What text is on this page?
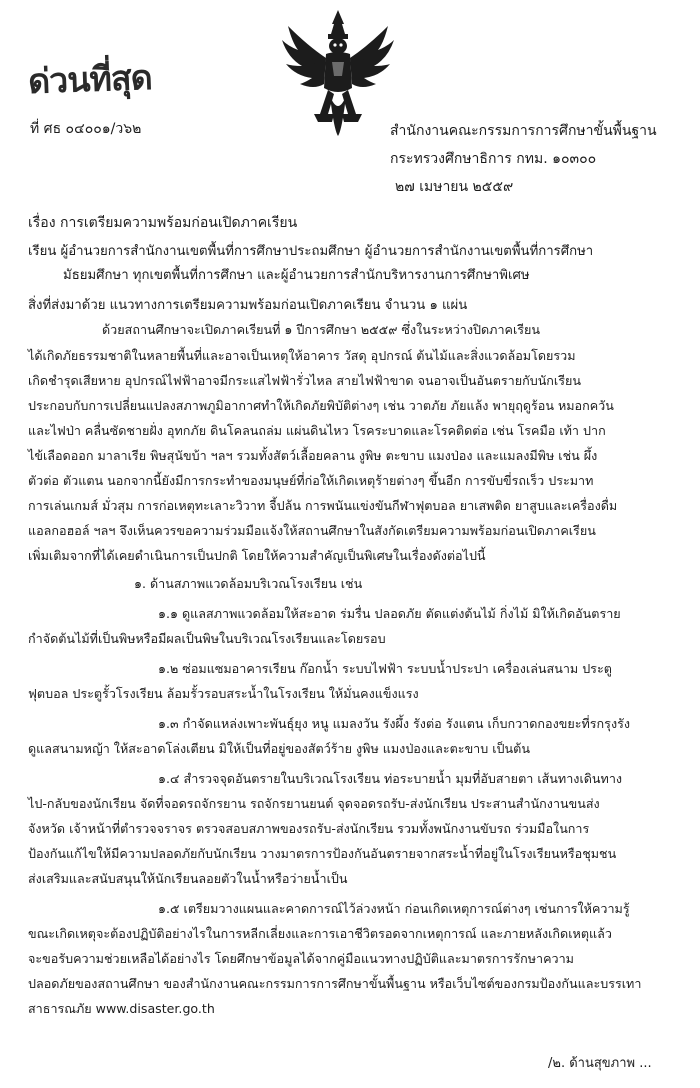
ด่วนที่สุด
ที่ ศธ ๐๔๐๐๑/ว๖๒	สำนักงานคณะกรรมการการศึกษาขั้นพื้นฐาน
กระทรวงศึกษาธิการ กทม. ๑๐๓๐๐
๒๗ เมษายน ๒๕๕๙
เรื่อง การเตรียมความพร้อมก่อนเปิดภาคเรียน
เรียน ผู้อำนวยการสำนักงานเขตพื้นที่การศึกษาประถมศึกษา ผู้อำนวยการสำนักงานเขตพื้นที่การศึกษา
มัธยมศึกษา ทุกเขตพื้นที่การศึกษา และผู้อำนวยการสำนักบริหารงานการศึกษาพิเศษ
สิ่งที่ส่งมาด้วย แนวทางการเตรียมความพร้อมก่อนเปิดภาคเรียน จำนวน ๑ แผ่น
ด้วยสถานศึกษาจะเปิดภาคเรียนที่ ๑ ปีการศึกษา ๒๕๕๙ ซึ่งในระหว่างปิดภาคเรียน
ได้เกิดภัยธรรมชาติในหลายพื้นที่และอาจเป็นเหตุให้อาคาร วัสดุ อุปกรณ์ ต้นไม้และสิ่งแวดล้อมโดยรวม
เกิดชำรุดเสียหาย อุปกรณ์ไฟฟ้าอาจมีกระแสไฟฟ้ารั่วไหล สายไฟฟ้าขาด จนอาจเป็นอันตรายกับนักเรียน
ประกอบกับการเปลี่ยนแปลงสภาพภูมิอากาศทำให้เกิดภัยพิบัติต่างๆ เช่น วาตภัย ภัยแล้ง พายุฤดูร้อน หมอกควัน
และไฟป่า คลื่นซัดชายฝั่ง อุทกภัย ดินโคลนถล่ม แผ่นดินไหว โรคระบาดและโรคติดต่อ เช่น โรคมือ เท้า ปาก
ไข้เลือดออก มาลาเรีย พิษสุนัขบ้า ฯลฯ รวมทั้งสัตว์เลื้อยคลาน งูพิษ ตะขาบ แมงป่อง และแมลงมีพิษ เช่น ผึ้ง
ตัวต่อ ตัวแตน นอกจากนี้ยังมีการกระทำของมนุษย์ที่ก่อให้เกิดเหตุร้ายต่างๆ ขึ้นอีก การขับขี่รถเร็ว ประมาท
การเล่นเกมส์ มั่วสุม การก่อเหตุทะเลาะวิวาท จี้ปล้น การพนันแข่งขันกีฬาฟุตบอล ยาเสพติด ยาสูบและเครื่องดื่ม
แอลกอฮอล์ ฯลฯ จึงเห็นควรขอความร่วมมือแจ้งให้สถานศึกษาในสังกัดเตรียมความพร้อมก่อนเปิดภาคเรียน
เพิ่มเติมจากที่ได้เคยดำเนินการเป็นปกติ โดยให้ความสำคัญเป็นพิเศษในเรื่องดังต่อไปนี้
๑. ด้านสภาพแวดล้อมบริเวณโรงเรียน เช่น
๑.๑ ดูแลสภาพแวดล้อมให้สะอาด ร่มรื่น ปลอดภัย ตัดแต่งต้นไม้ กิ่งไม้ มิให้เกิดอันตราย
กำจัดต้นไม้ที่เป็นพิษหรือมีผลเป็นพิษในบริเวณโรงเรียนและโดยรอบ
๑.๒ ซ่อมแซมอาคารเรียน ก๊อกน้ำ ระบบไฟฟ้า ระบบน้ำประปา เครื่องเล่นสนาม ประตู
ฟุตบอล ประตูรั้วโรงเรียน ล้อมรั้วรอบสระน้ำในโรงเรียน ให้มั่นคงแข็งแรง
๑.๓ กำจัดแหล่งเพาะพันธุ์ยุง หนู แมลงวัน รังผึ้ง รังต่อ รังแตน เก็บกวาดกองขยะที่รกรุงรัง
ดูแลสนามหญ้า ให้สะอาดโล่งเตียน มิให้เป็นที่อยู่ของสัตว์ร้าย งูพิษ แมงป่องและตะขาบ เป็นต้น
๑.๔ สำรวจจุดอันตรายในบริเวณโรงเรียน ท่อระบายน้ำ มุมที่อับสายตา เส้นทางเดินทาง
ไป-กลับของนักเรียน จัดที่จอดรถจักรยาน รถจักรยานยนต์ จุดจอดรถรับ-ส่งนักเรียน ประสานสำนักงานขนส่ง
จังหวัด เจ้าหน้าที่ตำรวจจราจร ตรวจสอบสภาพของรถรับ-ส่งนักเรียน รวมทั้งพนักงานขับรถ ร่วมมือในการ
ป้องกันแก้ไขให้มีความปลอดภัยกับนักเรียน วางมาตรการป้องกันอันตรายจากสระน้ำที่อยู่ในโรงเรียนหรือชุมชน
ส่งเสริมและสนับสนุนให้นักเรียนลอยตัวในน้ำหรือว่ายน้ำเป็น
๑.๕ เตรียมวางแผนและคาดการณ์ไว้ล่วงหน้า ก่อนเกิดเหตุการณ์ต่างๆ เช่นการให้ความรู้
ขณะเกิดเหตุจะต้องปฏิบัติอย่างไรในการหลีกเลี่ยงและการเอาชีวิตรอดจากเหตุการณ์ และภายหลังเกิดเหตุแล้ว
จะขอรับความช่วยเหลือได้อย่างไร โดยศึกษาข้อมูลได้จากคู่มือแนวทางปฏิบัติและมาตรการรักษาความ
ปลอดภัยของสถานศึกษา ของสำนักงานคณะกรรมการการศึกษาขั้นพื้นฐาน หรือเว็บไซต์ของกรมป้องกันและบรรเทา
สาธารณภัย www.disaster.go.th
/๒. ด้านสุขภาพ ...
